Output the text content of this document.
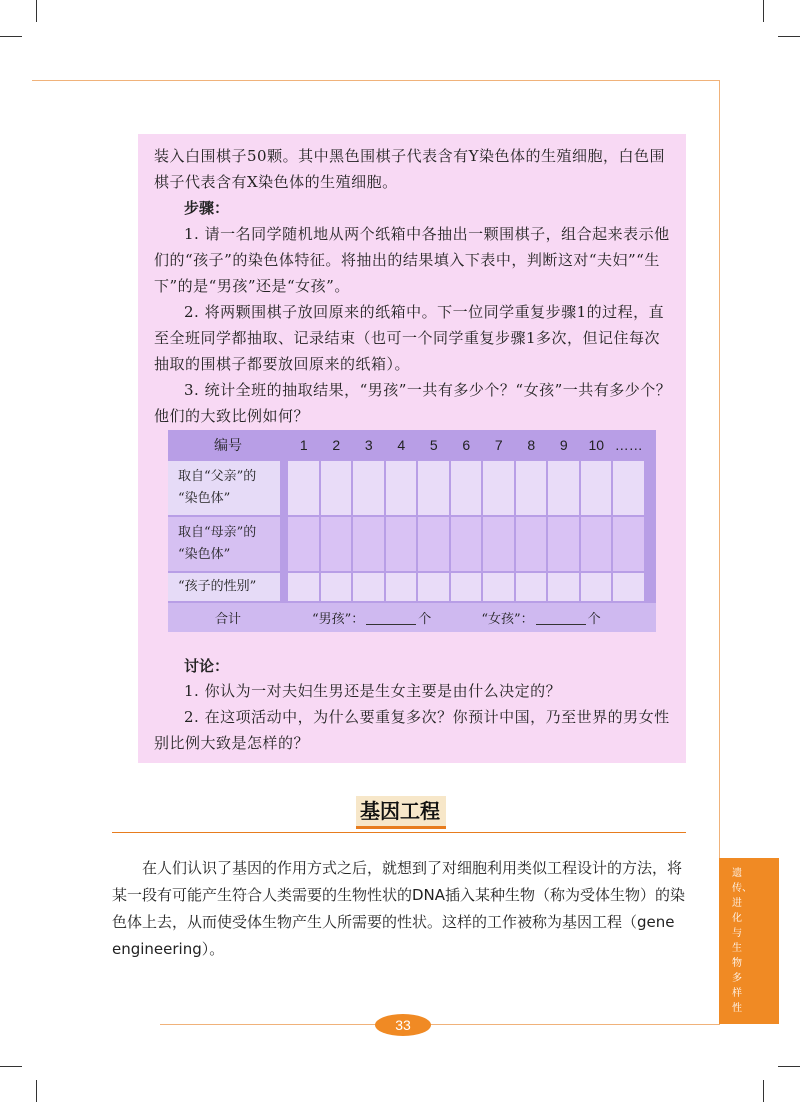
装入白围棋子50颗。其中黑色围棋子代表含有Y染色体的生殖细胞，白色围棋子代表含有X染色体的生殖细胞。

步骤：

1. 请一名同学随机地从两个纸箱中各抽出一颗围棋子，组合起来表示他们的“孩子”的染色体特征。将抽出的结果填入下表中，判断这对“夫妇”“生下”的是“男孩”还是“女孩”。

2. 将两颗围棋子放回原来的纸箱中。下一位同学重复步骤1的过程，直至全班同学都抽取、记录结束（也可一个同学重复步骤1多次，但记住每次抽取的围棋子都要放回原来的纸箱）。

3. 统计全班的抽取结果，“男孩”一共有多少个？“女孩”一共有多少个？他们的大致比例如何？

编号	1	2	3	4	5	6	7	8	9	10 ……
取自“父亲”的
“染色体”
取自“母亲”的
“染色体”
“孩子的性别”
合计	“男孩”：	个	“女孩”：	个
讨论：

1. 你认为一对夫妇生男还是生女主要是由什么决定的？

2. 在这项活动中，为什么要重复多次？你预计中国，乃至世界的男女性别比例大致是怎样的？

基因工程

在人们认识了基因的作用方式之后，就想到了对细胞利用类似工程设计的方法，将某一段有可能产生符合人类需要的生物性状的DNA插入某种生物（称为受体生物）的染色体上去，从而使受体生物产生人所需要的性状。这样的工作被称为基因工程（gene engineering）。

遗传、进化与生物多样性
33
